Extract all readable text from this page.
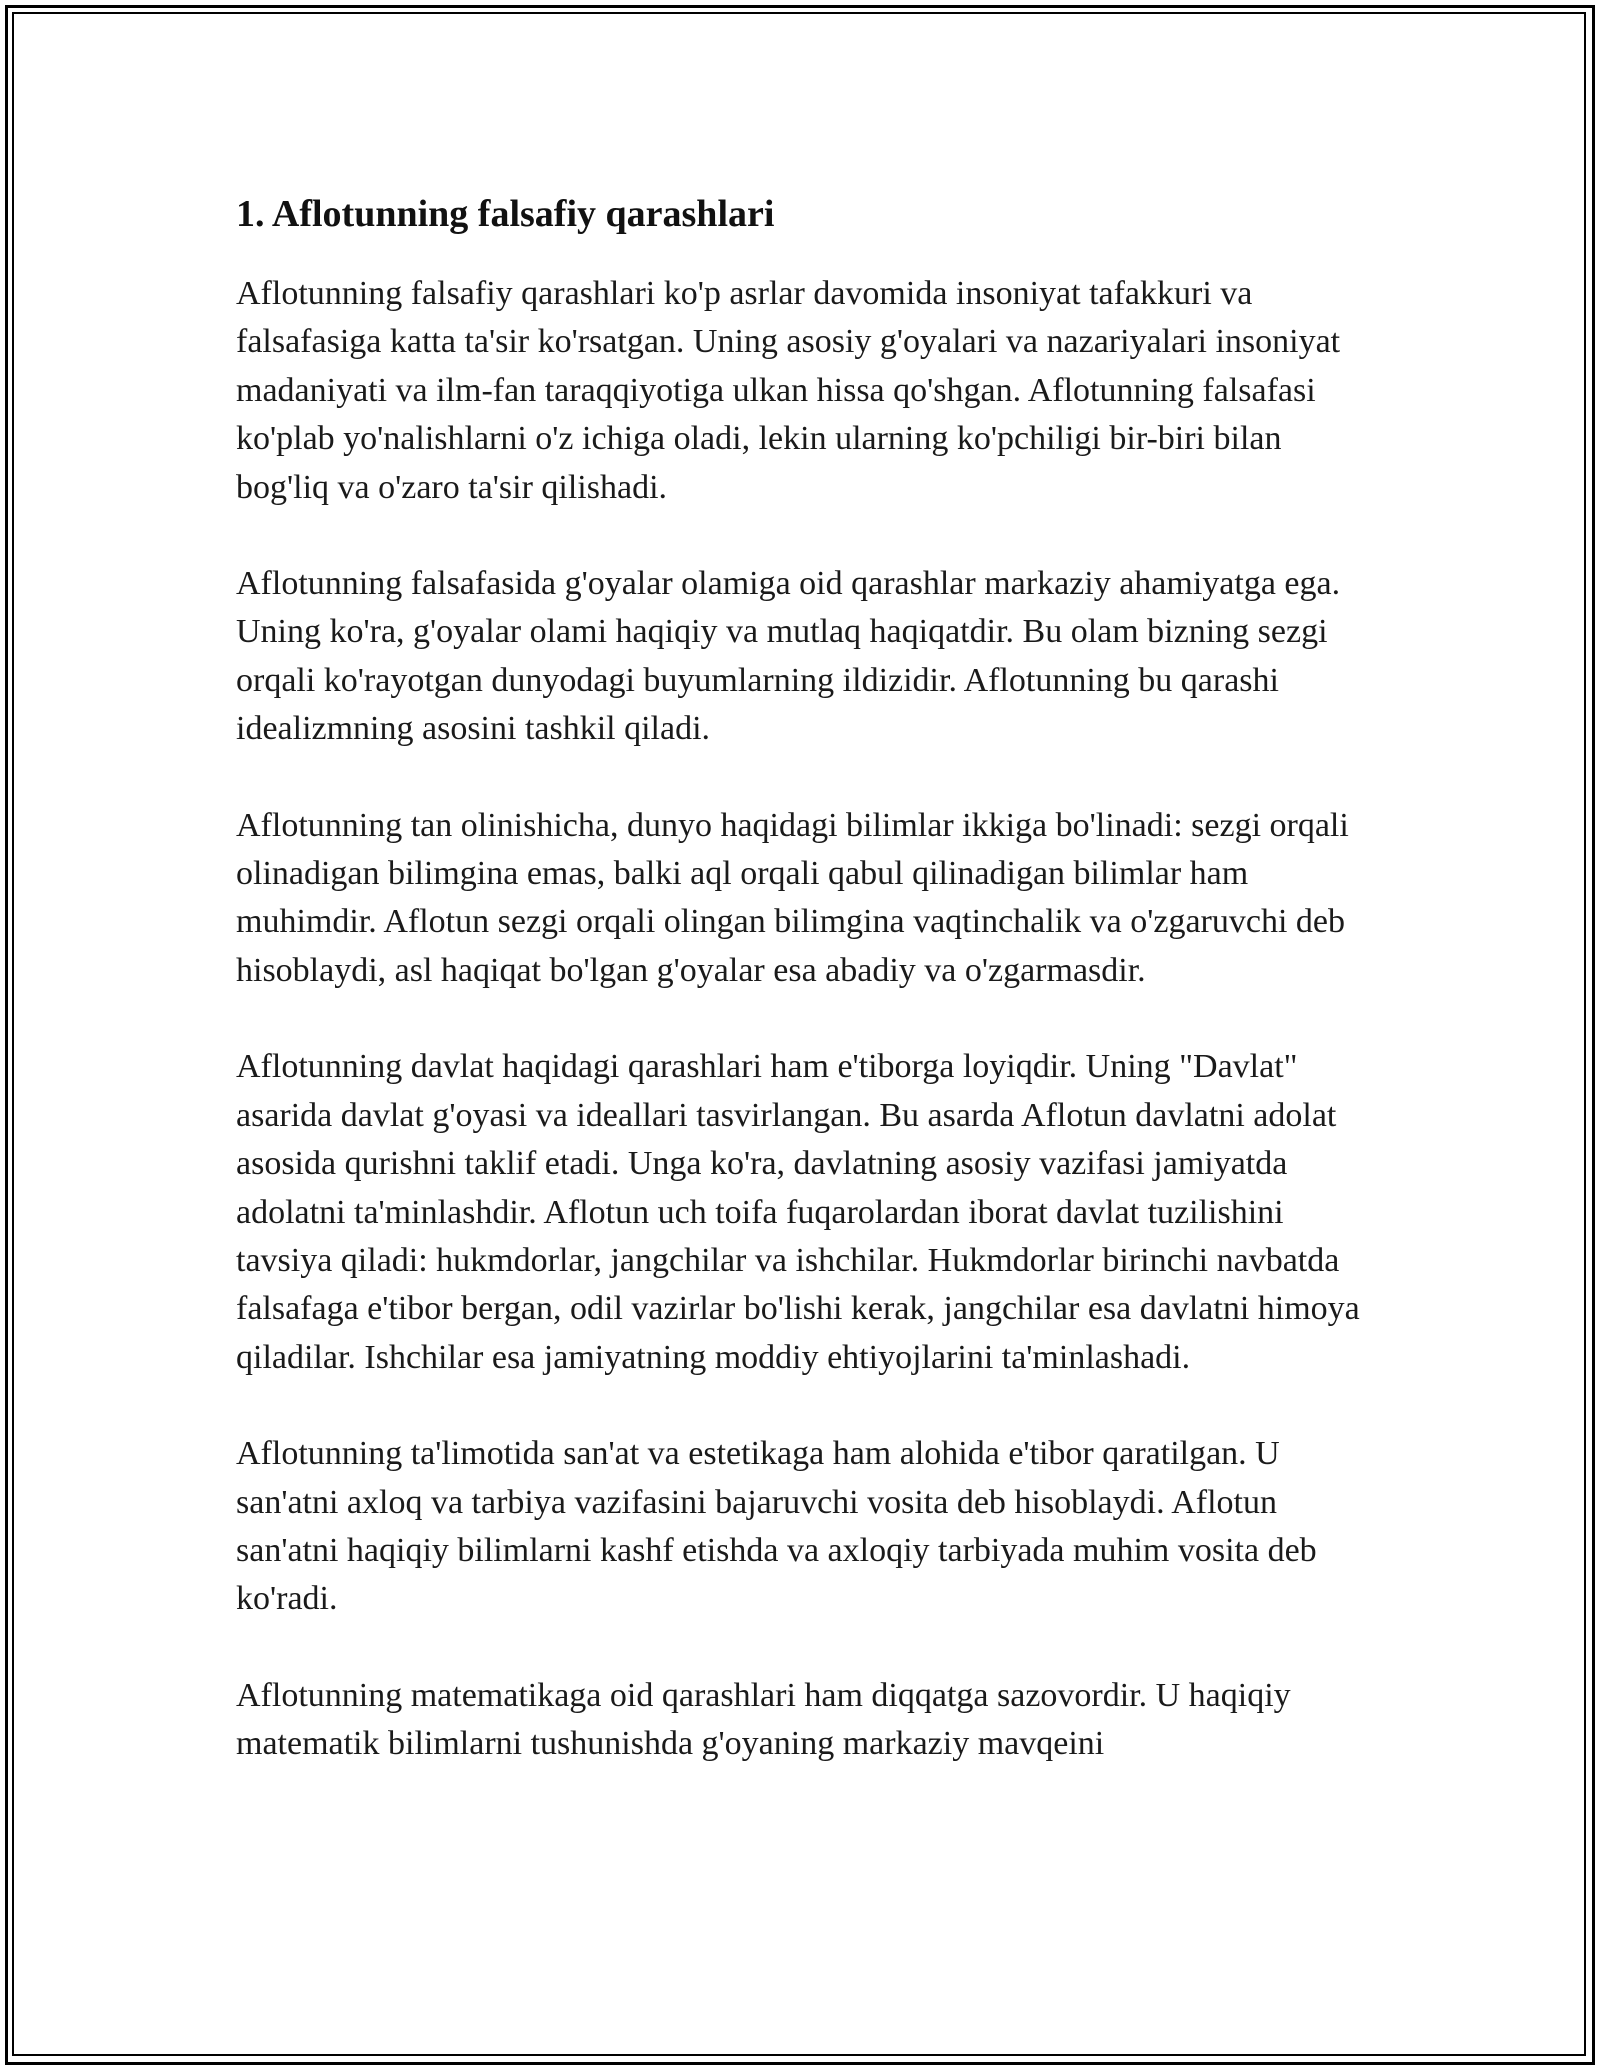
1. Aflotunning falsafiy qarashlari

Aflotunning falsafiy qarashlari ko'p asrlar davomida insoniyat tafakkuri va falsafasiga katta ta'sir ko'rsatgan. Uning asosiy g'oyalari va nazariyalari insoniyat madaniyati va ilm-fan taraqqiyotiga ulkan hissa qo'shgan. Aflotunning falsafasi ko'plab yo'nalishlarni o'z ichiga oladi, lekin ularning ko'pchiligi bir-biri bilan bog'liq va o'zaro ta'sir qilishadi.

Aflotunning falsafasida g'oyalar olamiga oid qarashlar markaziy ahamiyatga ega. Uning ko'ra, g'oyalar olami haqiqiy va mutlaq haqiqatdir. Bu olam bizning sezgi orqali ko'rayotgan dunyodagi buyumlarning ildizidir. Aflotunning bu qarashi idealizmning asosini tashkil qiladi.

Aflotunning tan olinishicha, dunyo haqidagi bilimlar ikkiga bo'linadi: sezgi orqali olinadigan bilimgina emas, balki aql orqali qabul qilinadigan bilimlar ham muhimdir. Aflotun sezgi orqali olingan bilimgina vaqtinchalik va o'zgaruvchi deb hisoblaydi, asl haqiqat bo'lgan g'oyalar esa abadiy va o'zgarmasdir.

Aflotunning davlat haqidagi qarashlari ham e'tiborga loyiqdir. Uning "Davlat" asarida davlat g'oyasi va ideallari tasvirlangan. Bu asarda Aflotun davlatni adolat asosida qurishni taklif etadi. Unga ko'ra, davlatning asosiy vazifasi jamiyatda adolatni ta'minlashdir. Aflotun uch toifa fuqarolardan iborat davlat tuzilishini tavsiya qiladi: hukmdorlar, jangchilar va ishchilar. Hukmdorlar birinchi navbatda falsafaga e'tibor bergan, odil vazirlar bo'lishi kerak, jangchilar esa davlatni himoya qiladilar. Ishchilar esa jamiyatning moddiy ehtiyojlarini ta'minlashadi.

Aflotunning ta'limotida san'at va estetikaga ham alohida e'tibor qaratilgan. U san'atni axloq va tarbiya vazifasini bajaruvchi vosita deb hisoblaydi. Aflotun san'atni haqiqiy bilimlarni kashf etishda va axloqiy tarbiyada muhim vosita deb ko'radi.

Aflotunning matematikaga oid qarashlari ham diqqatga sazovordir. U haqiqiy matematik bilimlarni tushunishda g'oyaning markaziy mavqeini
